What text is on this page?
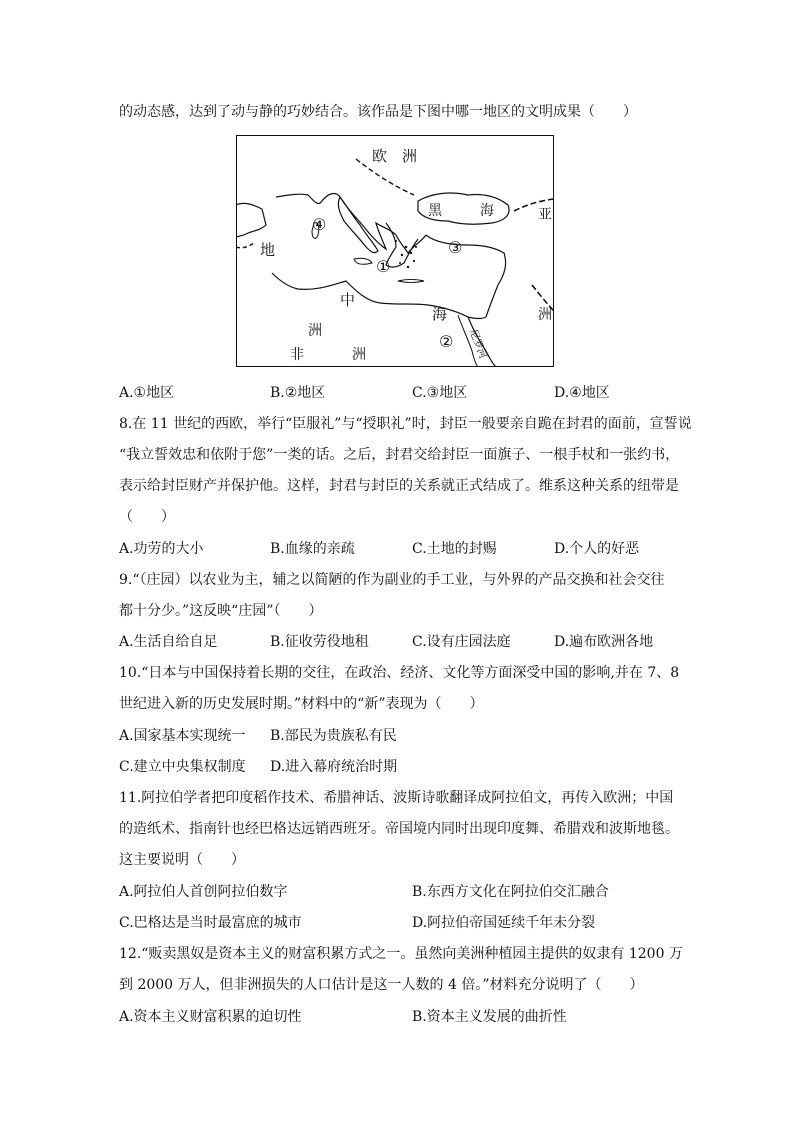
的动态感，达到了动与静的巧妙结合。该作品是下图中哪一地区的文明成果（　　）
欧　洲
黑	海	亚
洲
地
中
海
洲
非	洲	尼罗河
①
②
③
④
A.①地区	B.②地区	C.③地区	D.④地区
8.在 11 世纪的西欧，举行“臣服礼”与“授职礼”时，封臣一般要亲自跪在封君的面前，宣誓说
“我立誓效忠和依附于您”一类的话。之后，封君交给封臣一面旗子、一根手杖和一张约书，
表示给封臣财产并保护他。这样，封君与封臣的关系就正式结成了。维系这种关系的纽带是
（　　）
A.功劳的大小	B.血缘的亲疏	C.土地的封赐	D.个人的好恶
9.“（庄园）以农业为主，辅之以简陋的作为副业的手工业，与外界的产品交换和社会交往
都十分少。”这反映“庄园”（　　）
A.生活自给自足	B.征收劳役地租	C.设有庄园法庭	D.遍布欧洲各地
10.“日本与中国保持着长期的交往，在政治、经济、文化等方面深受中国的影响,并在 7、8
世纪进入新的历史发展时期。”材料中的“新”表现为（　　）
A.国家基本实现统一 B.部民为贵族私有民
C.建立中央集权制度 D.进入幕府统治时期
11.阿拉伯学者把印度稻作技术、希腊神话、波斯诗歌翻译成阿拉伯文，再传入欧洲；中国
的造纸术、指南针也经巴格达远销西班牙。帝国境内同时出现印度舞、希腊戏和波斯地毯。
这主要说明（　　）
A.阿拉伯人首创阿拉伯数字	B.东西方文化在阿拉伯交汇融合
C.巴格达是当时最富庶的城市	D.阿拉伯帝国延续千年未分裂
12.“贩卖黑奴是资本主义的财富积累方式之一。虽然向美洲种植园主提供的奴隶有 1200 万
到 2000 万人，但非洲损失的人口估计是这一人数的 4 倍。”材料充分说明了（　　）
A.资本主义财富积累的迫切性	B.资本主义发展的曲折性
